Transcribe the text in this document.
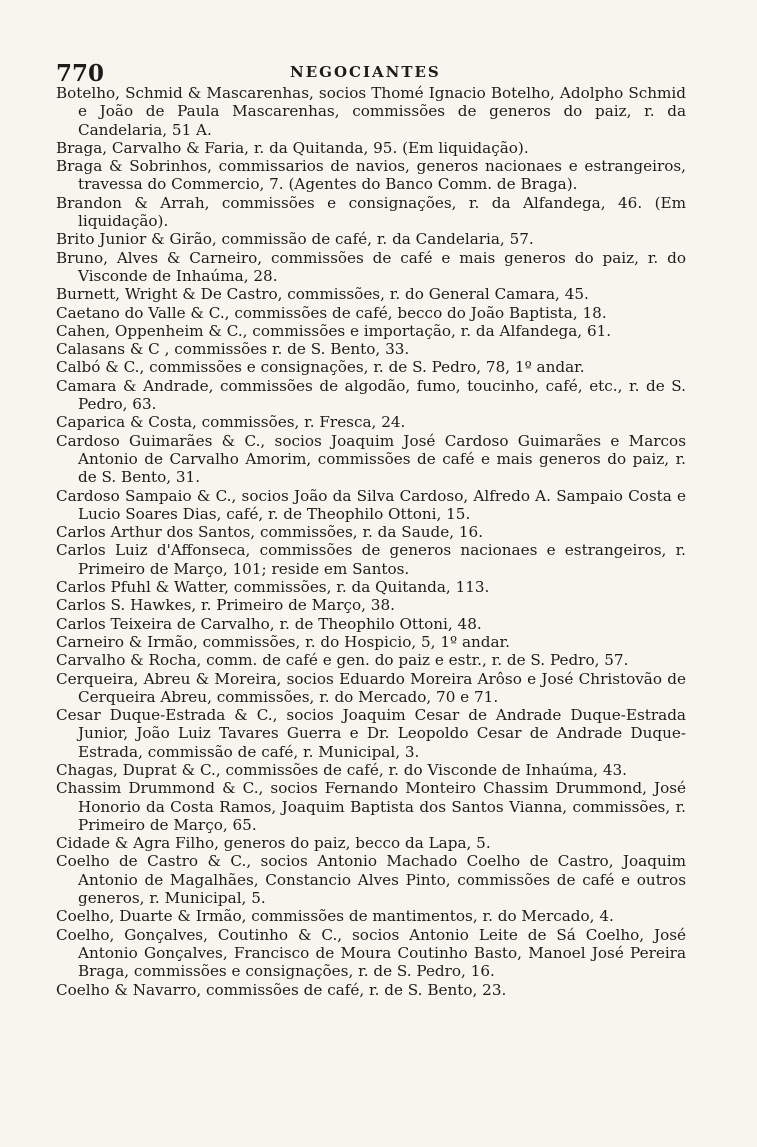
770	NEGOCIANTES
Botelho, Schmid & Mascarenhas, socios Thomé Ignacio Botelho, Adolpho Schmid e João de Paula Mascarenhas, commissões de generos do paiz, r. da Candelaria, 51 A.
Braga, Carvalho & Faria, r. da Quitanda, 95. (Em liquidação).
Braga & Sobrinhos, commissarios de navios, generos nacionaes e estrangeiros, travessa do Commercio, 7. (Agentes do Banco Comm. de Braga).
Brandon & Arrah, commissões e consignações, r. da Alfandega, 46. (Em liquidação).
Brito Junior & Girão, commissão de café, r. da Candelaria, 57.
Bruno, Alves & Carneiro, commissões de café e mais generos do paiz, r. do Visconde de Inhaúma, 28.
Burnett, Wright & De Castro, commissões, r. do General Camara, 45.
Caetano do Valle & C., commissões de café, becco do João Baptista, 18.
Cahen, Oppenheim & C., commissões e importação, r. da Alfandega, 61.
Calasans & C , commissões r. de S. Bento, 33.
Calbó & C., commissões e consignações, r. de S. Pedro, 78, 1º andar.
Camara & Andrade, commissões de algodão, fumo, toucinho, café, etc., r. de S. Pedro, 63.
Caparica & Costa, commissões, r. Fresca, 24.
Cardoso Guimarães & C., socios Joaquim José Cardoso Guimarães e Marcos Antonio de Carvalho Amorim, commissões de café e mais generos do paiz, r. de S. Bento, 31.
Cardoso Sampaio & C., socios João da Silva Cardoso, Alfredo A. Sampaio Costa e Lucio Soares Dias, café, r. de Theophilo Ottoni, 15.
Carlos Arthur dos Santos, commissões, r. da Saude, 16.
Carlos Luiz d'Affonseca, commissões de generos nacionaes e estrangeiros, r. Primeiro de Março, 101; reside em Santos.
Carlos Pfuhl & Watter, commissões, r. da Quitanda, 113.
Carlos S. Hawkes, r. Primeiro de Março, 38.
Carlos Teixeira de Carvalho, r. de Theophilo Ottoni, 48.
Carneiro & Irmão, commissões, r. do Hospicio, 5, 1º andar.
Carvalho & Rocha, comm. de café e gen. do paiz e estr., r. de S. Pedro, 57.
Cerqueira, Abreu & Moreira, socios Eduardo Moreira Arôso e José Christovão de Cerqueira Abreu, commissões, r. do Mercado, 70 e 71.
Cesar Duque-Estrada & C., socios Joaquim Cesar de Andrade Duque-Estrada Junior, João Luiz Tavares Guerra e Dr. Leopoldo Cesar de Andrade Duque-Estrada, commissão de café, r. Municipal, 3.
Chagas, Duprat & C., commissões de café, r. do Visconde de Inhaúma, 43.
Chassim Drummond & C., socios Fernando Monteiro Chassim Drummond, José Honorio da Costa Ramos, Joaquim Baptista dos Santos Vianna, commissões, r. Primeiro de Março, 65.
Cidade & Agra Filho, generos do paiz, becco da Lapa, 5.
Coelho de Castro & C., socios Antonio Machado Coelho de Castro, Joaquim Antonio de Magalhães, Constancio Alves Pinto, commissões de café e outros generos, r. Municipal, 5.
Coelho, Duarte & Irmão, commissões de mantimentos, r. do Mercado, 4.
Coelho, Gonçalves, Coutinho & C., socios Antonio Leite de Sá Coelho, José Antonio Gonçalves, Francisco de Moura Coutinho Basto, Manoel José Pereira Braga, commissões e consignações, r. de S. Pedro, 16.
Coelho & Navarro, commissões de café, r. de S. Bento, 23.
